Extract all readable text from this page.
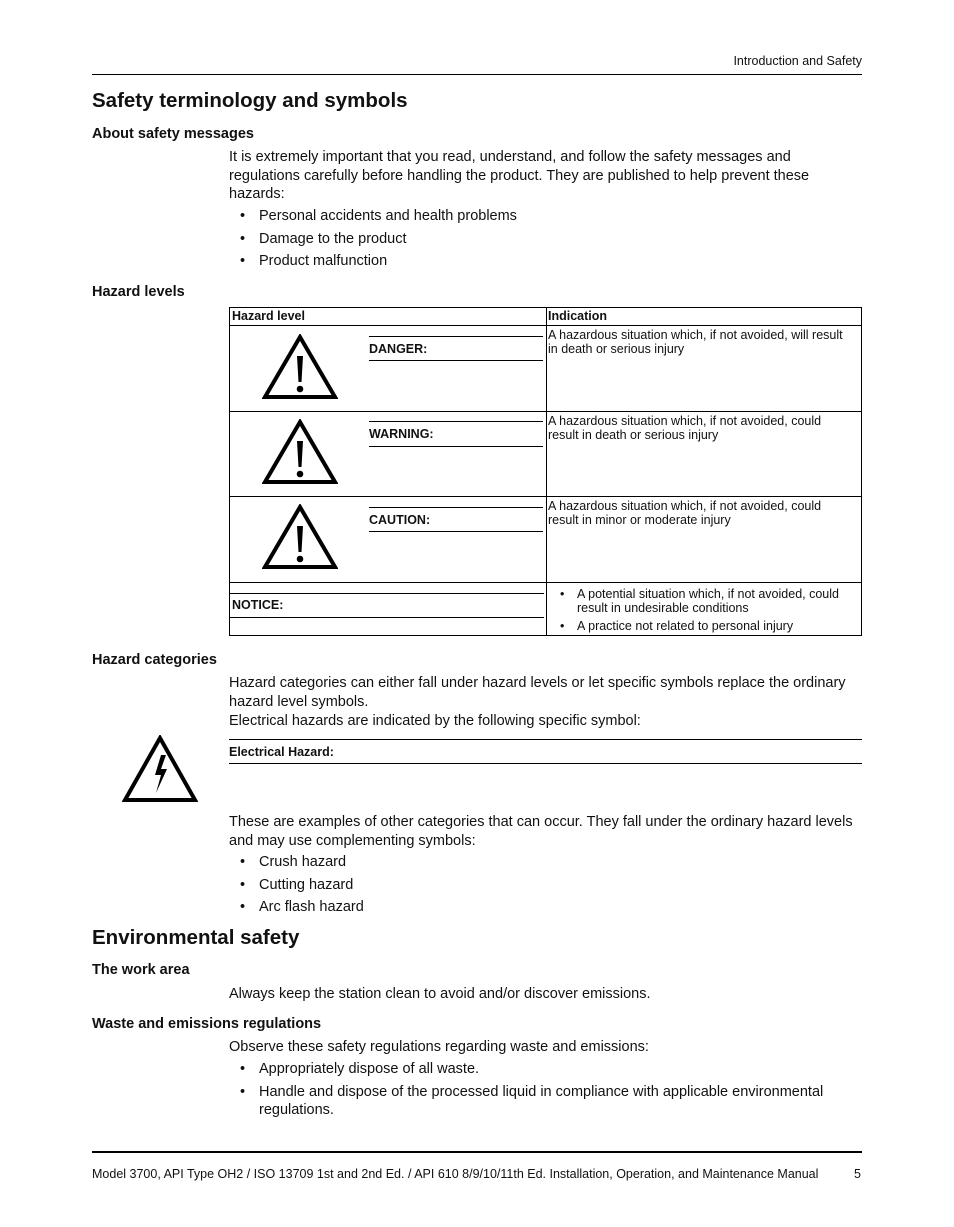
Introduction and Safety
Safety terminology and symbols
About safety messages

It is extremely important that you read, understand, and follow the safety messages and regulations carefully before handling the product. They are published to help prevent these hazards:

• Personal accidents and health problems
• Damage to the product
• Product malfunction
Hazard levels
Hazard level	Indication
DANGER:
A hazardous situation which, if not avoided, will result in death or serious injury
WARNING:
A hazardous situation which, if not avoided, could result in death or serious injury
CAUTION:
A hazardous situation which, if not avoided, could result in minor or moderate injury
NOTICE:
• A potential situation which, if not avoided, could result in undesirable conditions
• A practice not related to personal injury
Hazard categories

Hazard categories can either fall under hazard levels or let specific symbols replace the ordinary hazard level symbols.

Electrical hazards are indicated by the following specific symbol:

Electrical Hazard:

These are examples of other categories that can occur. They fall under the ordinary hazard levels and may use complementing symbols:

• Crush hazard
• Cutting hazard
• Arc flash hazard
Environmental safety
The work area

Always keep the station clean to avoid and/or discover emissions.

Waste and emissions regulations

Observe these safety regulations regarding waste and emissions:

• Appropriately dispose of all waste.
• Handle and dispose of the processed liquid in compliance with applicable environmental regulations.
Model 3700, API Type OH2 / ISO 13709 1st and 2nd Ed. / API 610 8/9/10/11th Ed. Installation, Operation, and Maintenance Manual	5
